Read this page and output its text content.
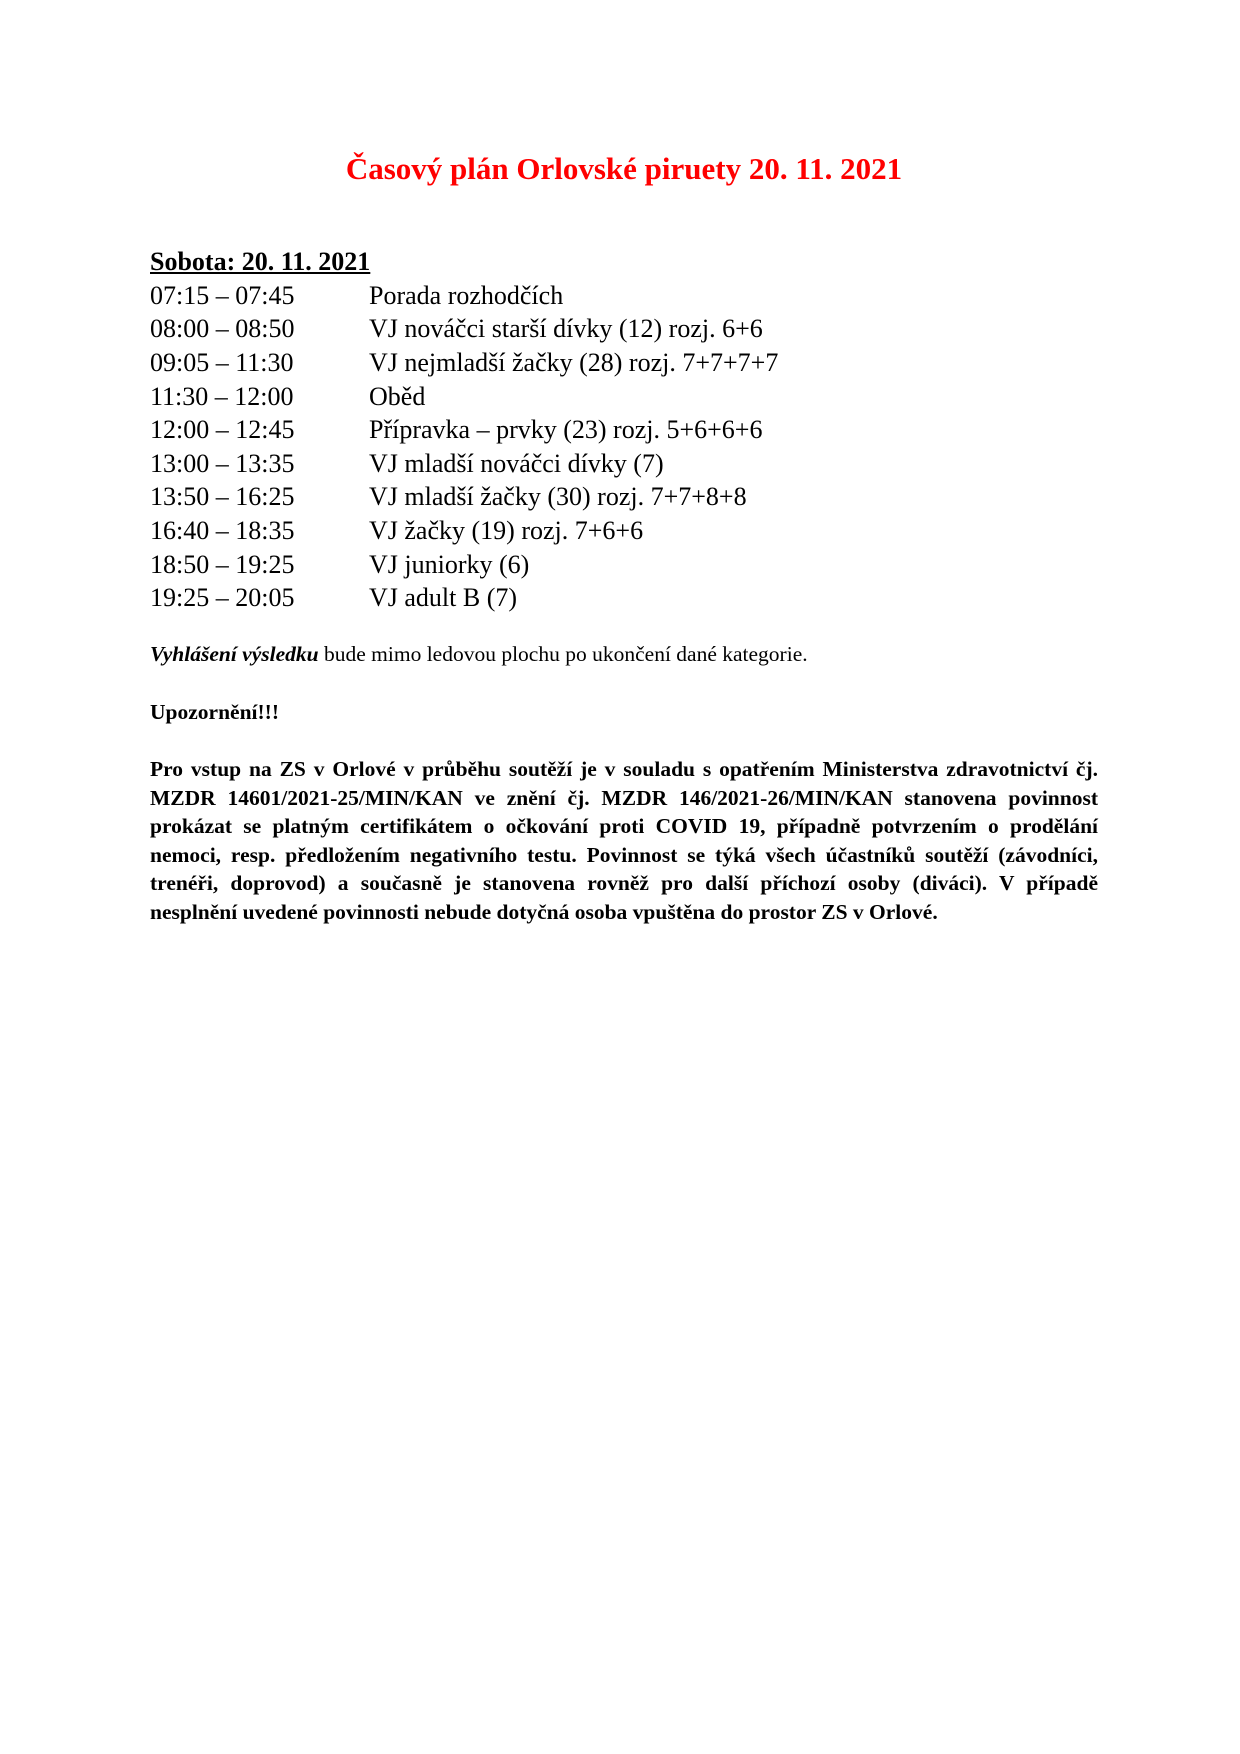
Časový plán Orlovské piruety 20. 11. 2021
Sobota: 20. 11. 2021
07:15 – 07:45	Porada rozhodčích
08:00 – 08:50	VJ nováčci starší dívky (12) rozj. 6+6
09:05 – 11:30	VJ nejmladší žačky (28) rozj. 7+7+7+7
11:30 – 12:00	Oběd
12:00 – 12:45	Přípravka – prvky (23) rozj. 5+6+6+6
13:00 – 13:35	VJ mladší nováčci dívky (7)
13:50 – 16:25	VJ mladší žačky (30) rozj. 7+7+8+8
16:40 – 18:35	VJ žačky (19) rozj. 7+6+6
18:50 – 19:25	VJ juniorky (6)
19:25 – 20:05	VJ adult B (7)
Vyhlášení výsledku bude mimo ledovou plochu po ukončení dané kategorie.
Upozornění!!!
Pro vstup na ZS v Orlové v průběhu soutěží je v souladu s opatřením Ministerstva zdravotnictví čj. MZDR 14601/2021-25/MIN/KAN ve znění čj. MZDR 146/2021-26/MIN/KAN stanovena povinnost prokázat se platným certifikátem o očkování proti COVID 19, případně potvrzením o prodělání nemoci, resp. předložením negativního testu. Povinnost se týká všech účastníků soutěží (závodníci, trenéři, doprovod) a současně je stanovena rovněž pro další příchozí osoby (diváci). V případě nesplnění uvedené povinnosti nebude dotyčná osoba vpuštěna do prostor ZS v Orlové.
